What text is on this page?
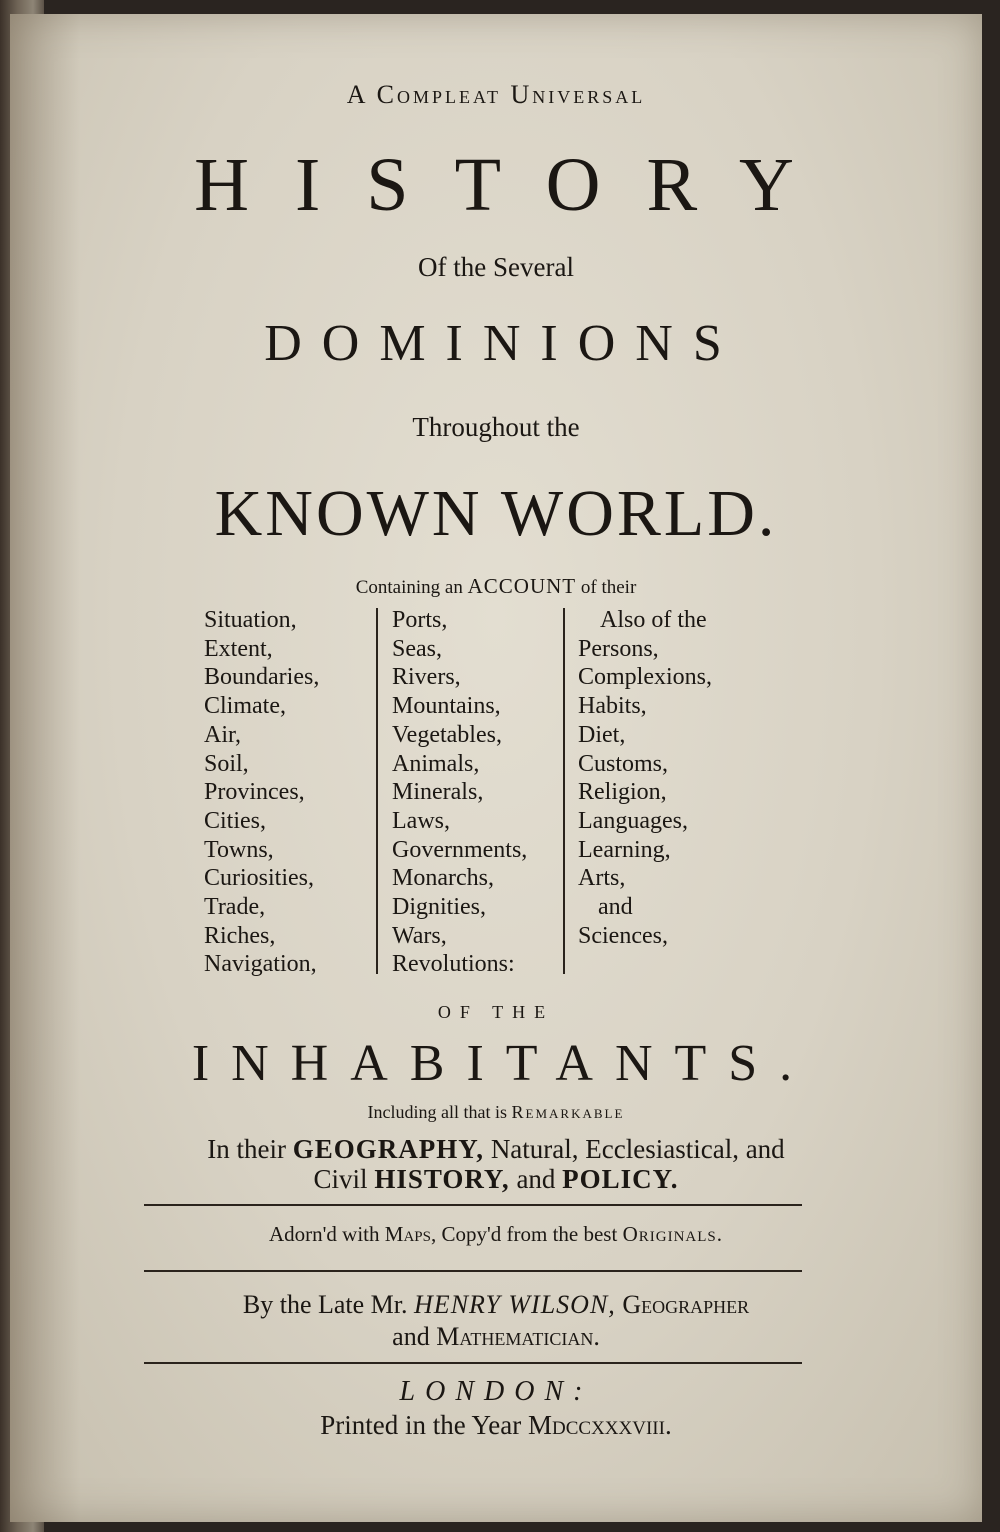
A Compleat Universal
HISTORY
Of the Several
DOMINIONS
Throughout the
KNOWN WORLD.
Containing an ACCOUNT of their
Situation,
Extent,
Boundaries,
Climate,
Air,
Soil,
Provinces,
Cities,
Towns,
Curiosities,
Trade,
Riches,
Navigation,
Ports,
Seas,
Rivers,
Mountains,
Vegetables,
Animals,
Minerals,
Laws,
Governments,
Monarchs,
Dignities,
Wars,
Revolutions:
Also of the
Persons,
Complexions,
Habits,
Diet,
Customs,
Religion,
Languages,
Learning,
Arts,
and
Sciences,
OF THE
INHABITANTS.
Including all that is Remarkable
In their GEOGRAPHY, Natural, Ecclesiastical, and
Civil HISTORY, and POLICY.
Adorn'd with Maps, Copy'd from the best Originals.
By the Late Mr. HENRY WILSON, Geographer
and Mathematician.
LONDON:
Printed in the Year Mdccxxxviii.
